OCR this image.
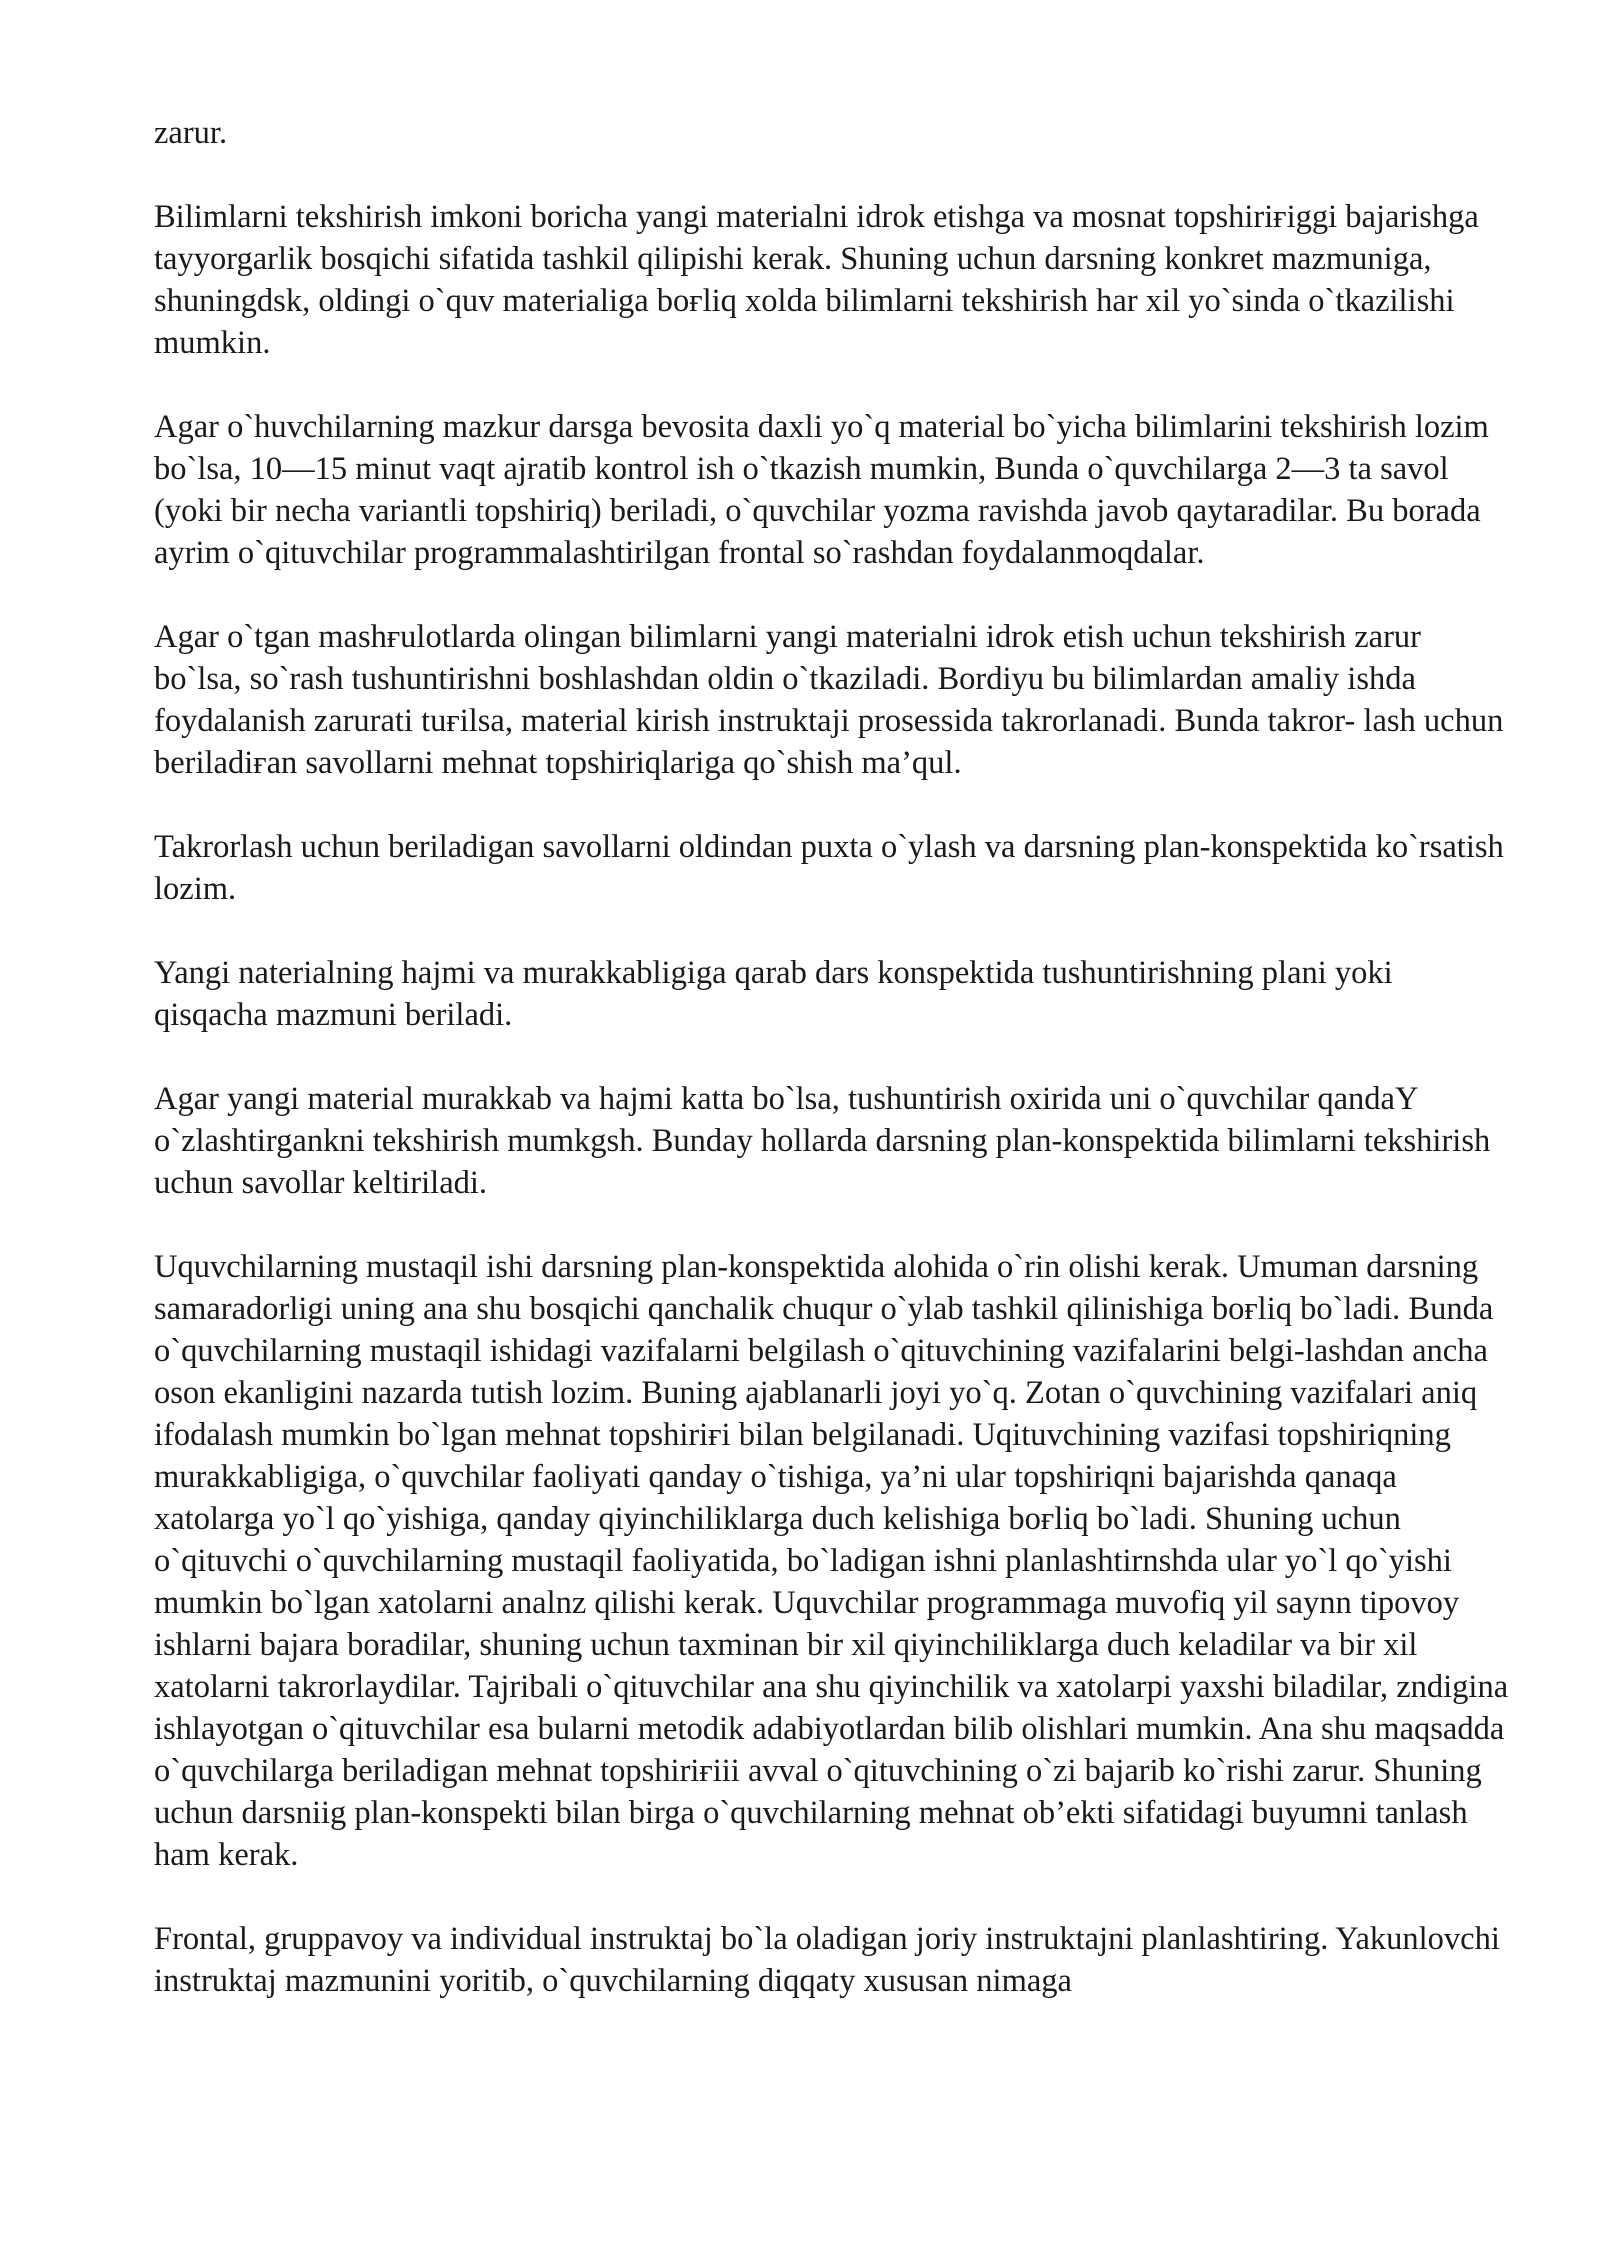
zarur.

Bilimlarni tekshirish imkoni boricha yangi materialni idrok etishga va mosnat topshiriғiggi bajarishga tayyorgarlik bosqichi sifatida tashkil qilipishi kerak. Shuning uchun darsning konkret mazmuniga, shuningdsk, oldingi o`quv materialiga boғliq xolda bilimlarni tekshirish har xil yo`sinda o`tkazilishi mumkin.

Agar o`huvchilarning mazkur darsga bevosita daxli yo`q material bo`yicha bilimlarini tekshirish lozim bo`lsa, 10—15 minut vaqt ajratib kontrol ish o`tkazish mumkin, Bunda o`quvchilarga 2—3 ta savol (yoki bir necha variantli topshiriq) beriladi, o`quvchilar yozma ravishda javob qaytaradilar. Bu borada ayrim o`qituvchilar programmalashtirilgan frontal so`rashdan foydalanmoqdalar.

Agar o`tgan mashғulotlarda olingan bilimlarni yangi materialni idrok etish uchun tekshirish zarur bo`lsa, so`rash tushuntirishni boshlashdan oldin o`tkaziladi. Bordiyu bu bilimlardan amaliy ishda foydalanish zarurati tuғilsa, material kirish instruktaji prosessida takrorlanadi. Bunda takror- lash uchun beriladiғan savollarni mehnat topshiriqlariga qo`shish ma’qul.

Takrorlash uchun beriladigan savollarni oldindan puxta o`ylash va darsning plan-konspektida ko`rsatish lozim.

Yangi naterialning hajmi va murakkabligiga qarab dars konspektida tushuntirishning plani yoki qisqacha mazmuni beriladi.

Agar yangi material murakkab va hajmi katta bo`lsa, tushuntirish oxirida uni o`quvchilar qandaY o`zlashtirgankni tekshirish mumkgsh. Bunday hollarda darsning plan-konspektida bilimlarni tekshirish uchun savollar keltiriladi.

Uquvchilarning mustaqil ishi darsning plan-konspektida alohida o`rin olishi kerak. Umuman darsning samaradorligi uning ana shu bosqichi qanchalik chuqur o`ylab tashkil qilinishiga boғliq bo`ladi. Bunda o`quvchilarning mustaqil ishidagi vazifalarni belgilash o`qituvchining vazifalarini belgi-lashdan ancha oson ekanligini nazarda tutish lozim. Buning ajablanarli joyi yo`q. Zotan o`quvchining vazifalari aniq ifodalash mumkin bo`lgan mehnat topshiriғi bilan belgilanadi. Uqituvchining vazifasi topshiriqning murakkabligiga, o`quvchilar faoliyati qanday o`tishiga, ya’ni ular topshiriqni bajarishda qanaqa xatolarga yo`l qo`yishiga, qanday qiyinchiliklarga duch kelishiga boғliq bo`ladi. Shuning uchun o`qituvchi o`quvchilarning mustaqil faoliyatida, bo`ladigan ishni planlashtirnshda ular yo`l qo`yishi mumkin bo`lgan xatolarni analnz qilishi kerak. Uquvchilar programmaga muvofiq yil saynn tipovoy ishlarni bajara boradilar, shuning uchun taxminan bir xil qiyinchiliklarga duch keladilar va bir xil xatolarni takrorlaydilar. Tajribali o`qituvchilar ana shu qiyinchilik va xatolarpi yaxshi biladilar, zndigina ishlayotgan o`qituvchilar esa bularni metodik adabiyotlardan bilib olishlari mumkin. Ana shu maqsadda o`quvchilarga beriladigan mehnat topshiriғiii avval o`qituvchining o`zi bajarib ko`rishi zarur. Shuning uchun darsniig plan-konspekti bilan birga o`quvchilarning mehnat ob’ekti sifatidagi buyumni tanlash ham kerak.

Frontal, gruppavoy va individual instruktaj bo`la oladigan joriy instruktajni planlashtiring. Yakunlovchi instruktaj mazmunini yoritib, o`quvchilarning diqqaty xususan nimaga
